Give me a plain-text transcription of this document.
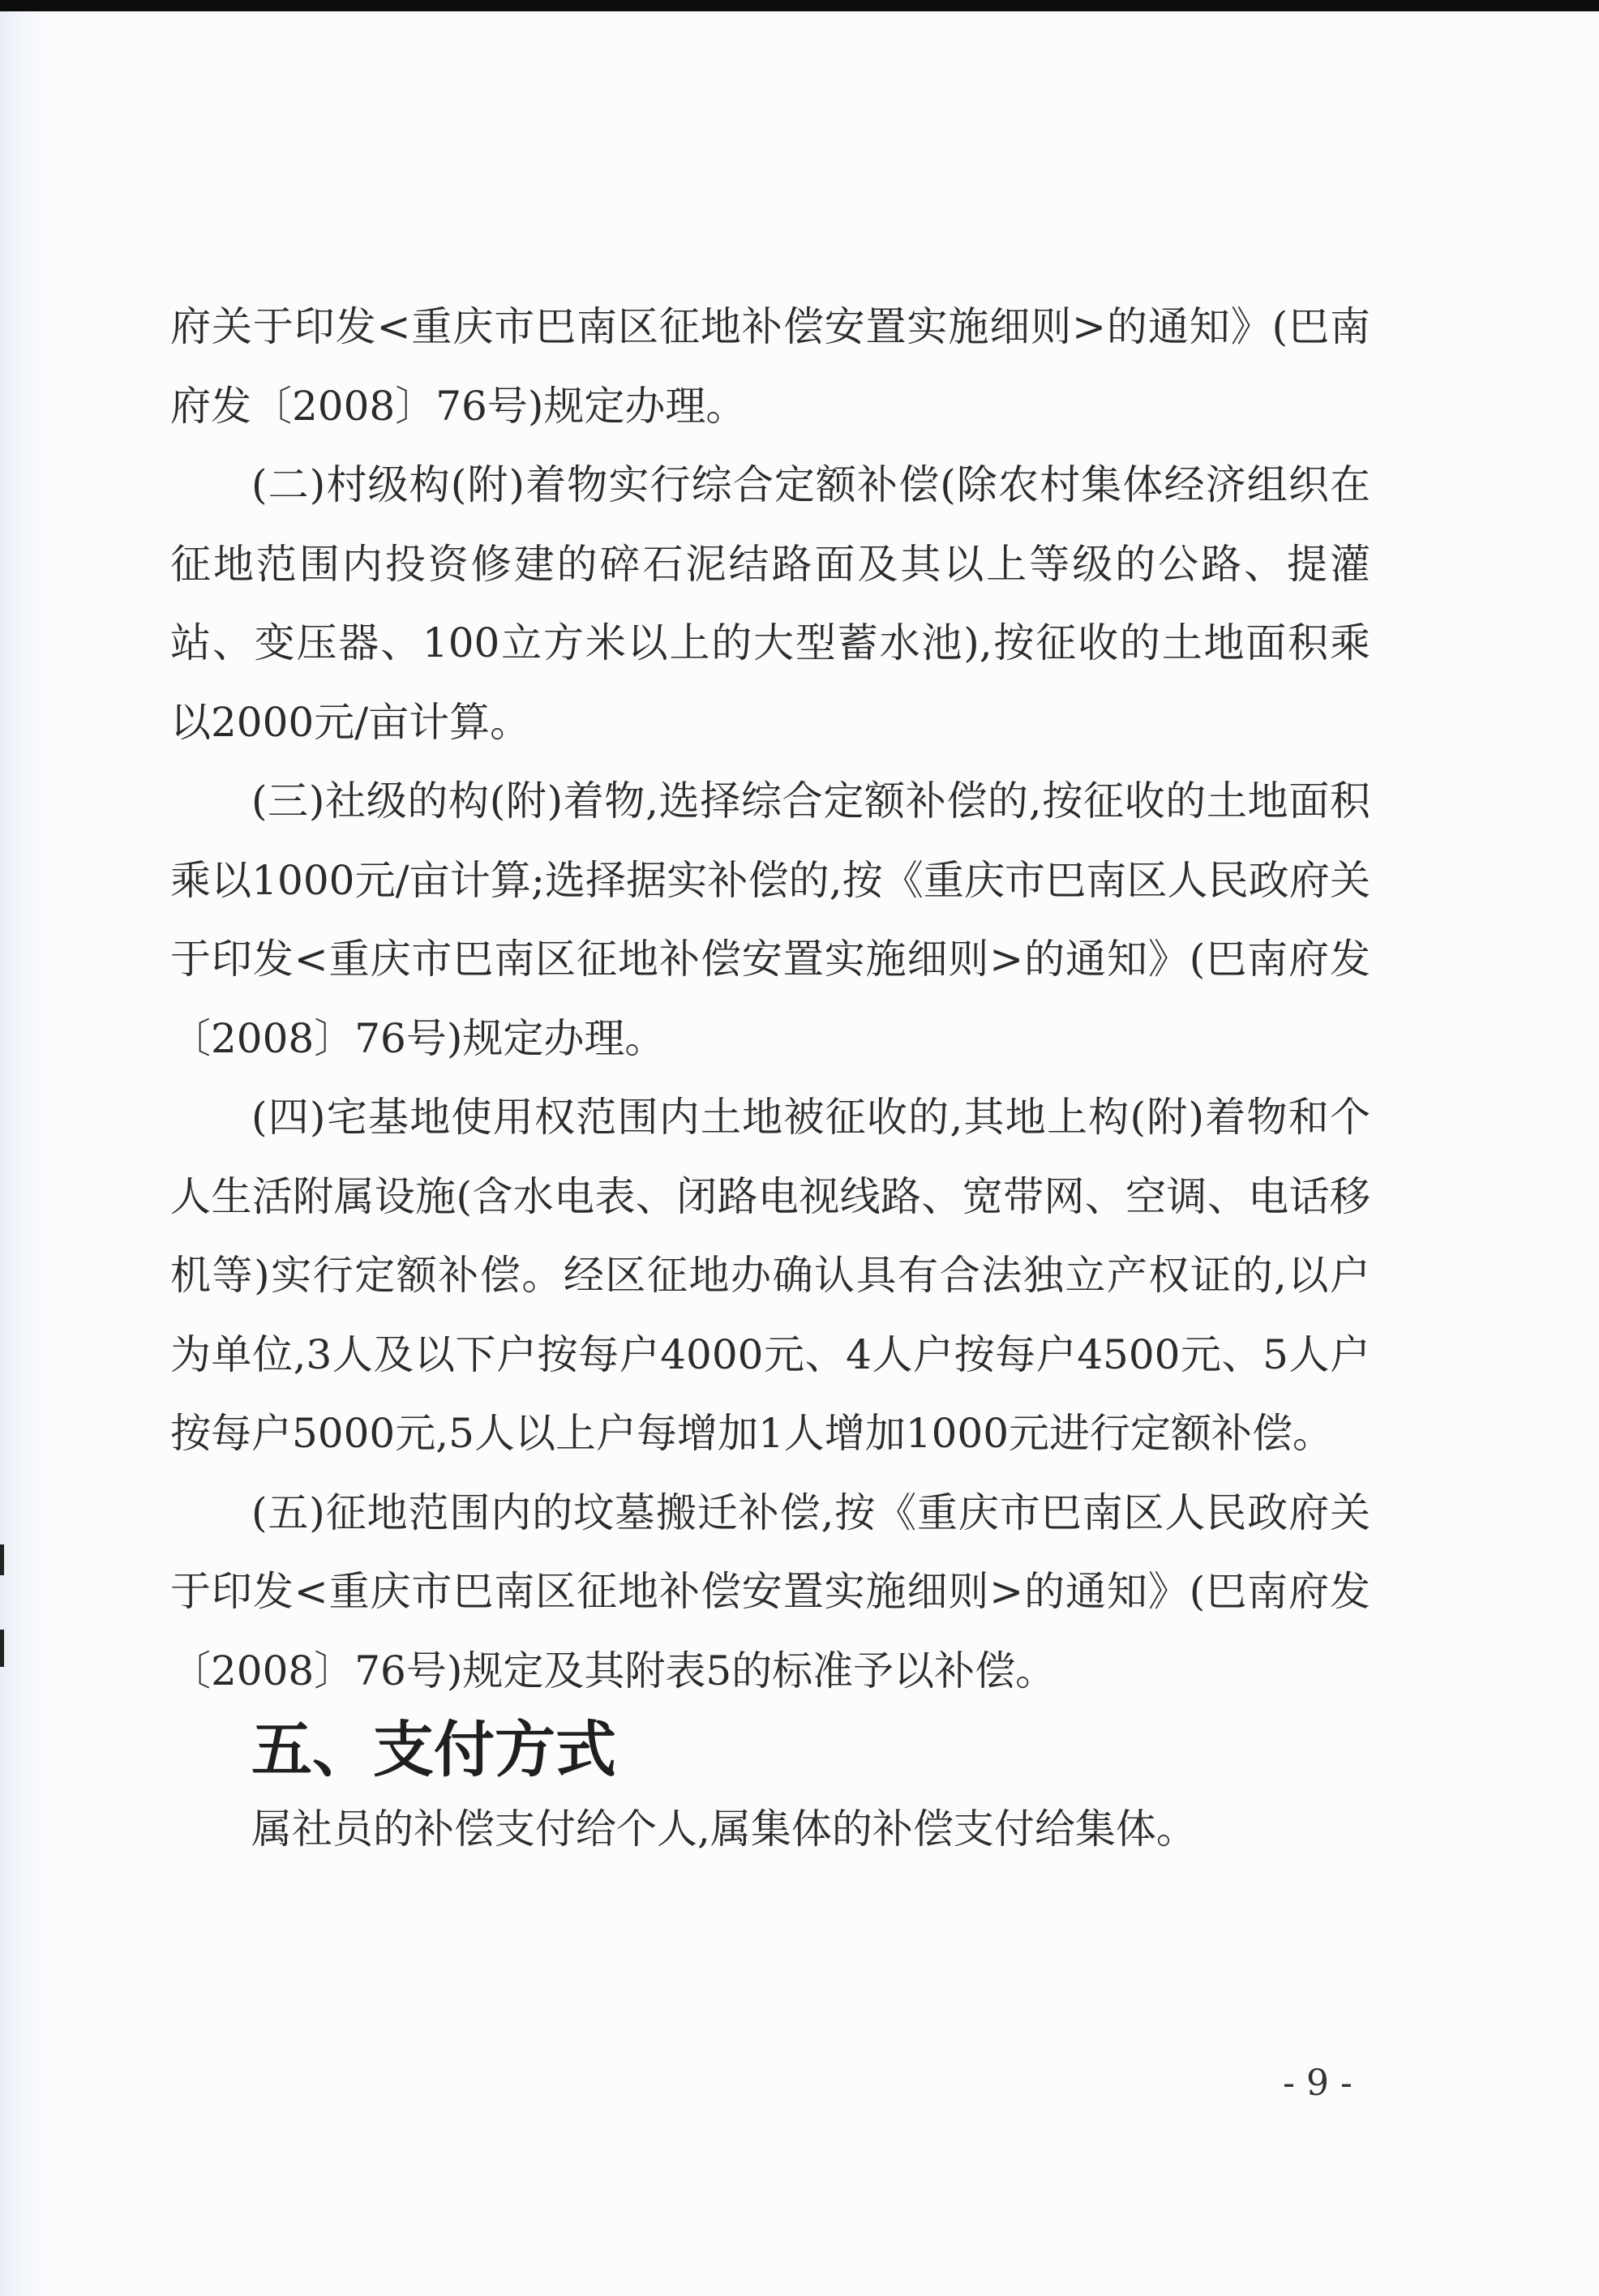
府关于印发<重庆市巴南区征地补偿安置实施细则>的通知》(巴南府发〔2008〕76号)规定办理。

(二)村级构(附)着物实行综合定额补偿(除农村集体经济组织在征地范围内投资修建的碎石泥结路面及其以上等级的公路、提灌站、变压器、100立方米以上的大型蓄水池),按征收的土地面积乘以2000元/亩计算。

(三)社级的构(附)着物,选择综合定额补偿的,按征收的土地面积乘以1000元/亩计算;选择据实补偿的,按《重庆市巴南区人民政府关于印发<重庆市巴南区征地补偿安置实施细则>的通知》(巴南府发〔2008〕76号)规定办理。

(四)宅基地使用权范围内土地被征收的,其地上构(附)着物和个人生活附属设施(含水电表、闭路电视线路、宽带网、空调、电话移机等)实行定额补偿。经区征地办确认具有合法独立产权证的,以户为单位,3人及以下户按每户4000元、4人户按每户4500元、5人户按每户5000元,5人以上户每增加1人增加1000元进行定额补偿。

(五)征地范围内的坟墓搬迁补偿,按《重庆市巴南区人民政府关于印发<重庆市巴南区征地补偿安置实施细则>的通知》(巴南府发〔2008〕76号)规定及其附表5的标准予以补偿。

五、支付方式

属社员的补偿支付给个人,属集体的补偿支付给集体。

- 9 -
